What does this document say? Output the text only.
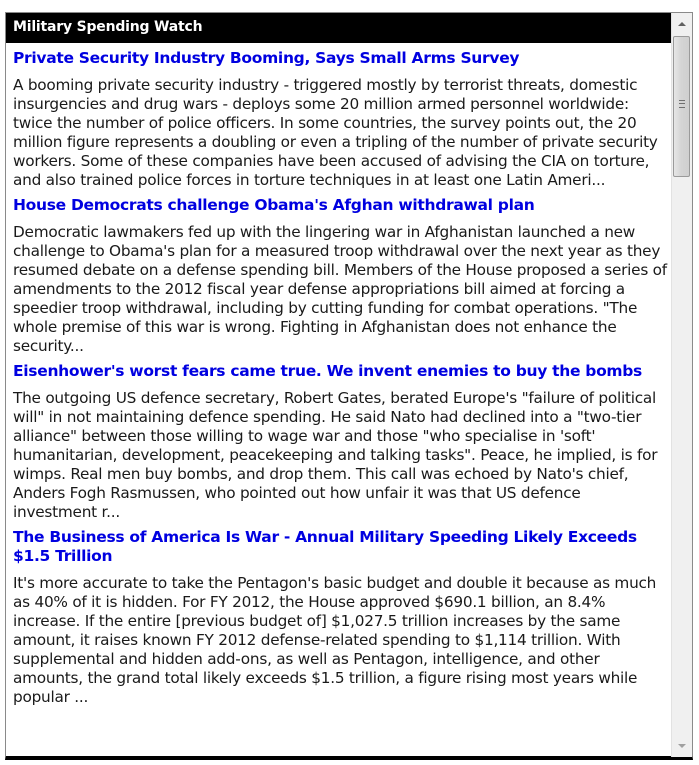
Military Spending Watch
Private Security Industry Booming, Says Small Arms Survey

A booming private security industry - triggered mostly by terrorist threats, domestic insurgencies and drug wars - deploys some 20 million armed personnel worldwide: twice the number of police officers. In some countries, the survey points out, the 20 million figure represents a doubling or even a tripling of the number of private security workers. Some of these companies have been accused of advising the CIA on torture, and also trained police forces in torture techniques in at least one Latin Ameri...

House Democrats challenge Obama's Afghan withdrawal plan

Democratic lawmakers fed up with the lingering war in Afghanistan launched a new challenge to Obama's plan for a measured troop withdrawal over the next year as they resumed debate on a defense spending bill. Members of the House proposed a series of amendments to the 2012 fiscal year defense appropriations bill aimed at forcing a speedier troop withdrawal, including by cutting funding for combat operations. "The whole premise of this war is wrong. Fighting in Afghanistan does not enhance the security...

Eisenhower's worst fears came true. We invent enemies to buy the bombs

The outgoing US defence secretary, Robert Gates, berated Europe's "failure of political will" in not maintaining defence spending. He said Nato had declined into a "two-tier alliance" between those willing to wage war and those "who specialise in 'soft' humanitarian, development, peacekeeping and talking tasks". Peace, he implied, is for wimps. Real men buy bombs, and drop them. This call was echoed by Nato's chief, Anders Fogh Rasmussen, who pointed out how unfair it was that US defence investment r...

The Business of America Is War - Annual Military Speeding Likely Exceeds $1.5 Trillion

It's more accurate to take the Pentagon's basic budget and double it because as much as 40% of it is hidden. For FY 2012, the House approved $690.1 billion, an 8.4% increase. If the entire [previous budget of] $1,027.5 trillion increases by the same amount, it raises known FY 2012 defense-related spending to $1,114 trillion. With supplemental and hidden add-ons, as well as Pentagon, intelligence, and other amounts, the grand total likely exceeds $1.5 trillion, a figure rising most years while popular ...
